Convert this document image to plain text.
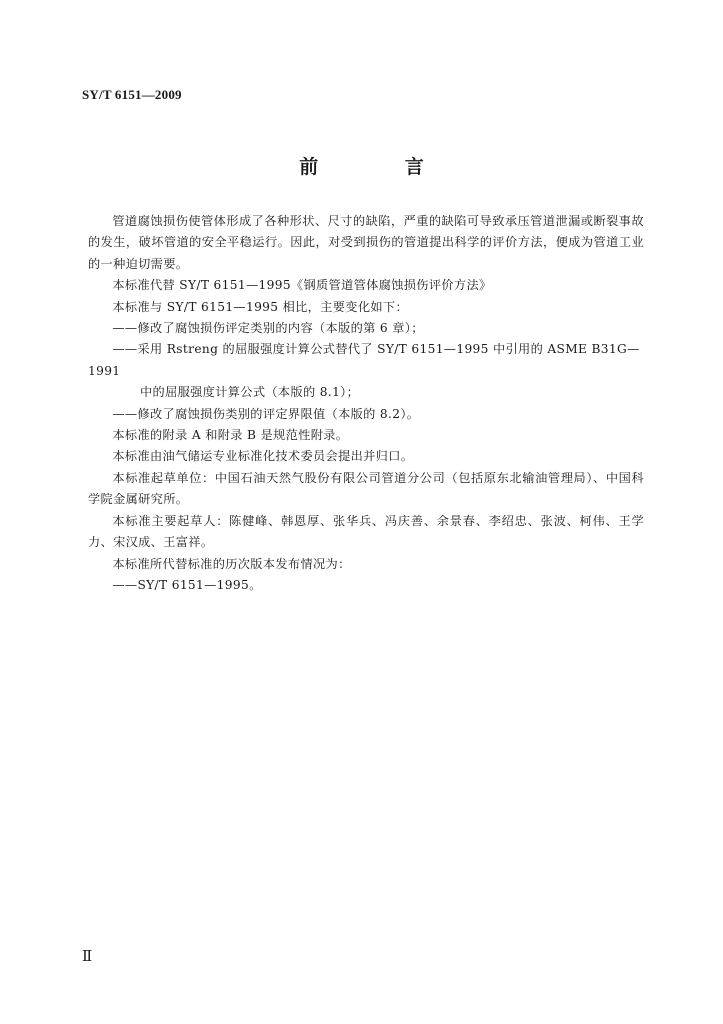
SY/T 6151—2009
前 言

管道腐蚀损伤使管体形成了各种形状、尺寸的缺陷，严重的缺陷可导致承压管道泄漏或断裂事故的发生，破坏管道的安全平稳运行。因此，对受到损伤的管道提出科学的评价方法，便成为管道工业的一种迫切需要。

本标准代替 SY/T 6151—1995《钢质管道管体腐蚀损伤评价方法》

本标准与 SY/T 6151—1995 相比，主要变化如下：

——修改了腐蚀损伤评定类别的内容（本版的第 6 章）；

——采用 Rstreng 的屈服强度计算公式替代了 SY/T 6151—1995 中引用的 ASME B31G—1991

中的屈服强度计算公式（本版的 8.1）；

——修改了腐蚀损伤类别的评定界限值（本版的 8.2）。

本标准的附录 A 和附录 B 是规范性附录。

本标准由油气储运专业标准化技术委员会提出并归口。

本标准起草单位：中国石油天然气股份有限公司管道分公司（包括原东北输油管理局）、中国科学院金属研究所。

本标准主要起草人：陈健峰、韩恩厚、张华兵、冯庆善、余景春、李绍忠、张波、柯伟、王学力、宋汉成、王富祥。

本标准所代替标准的历次版本发布情况为：

——SY/T 6151—1995。

Ⅱ
